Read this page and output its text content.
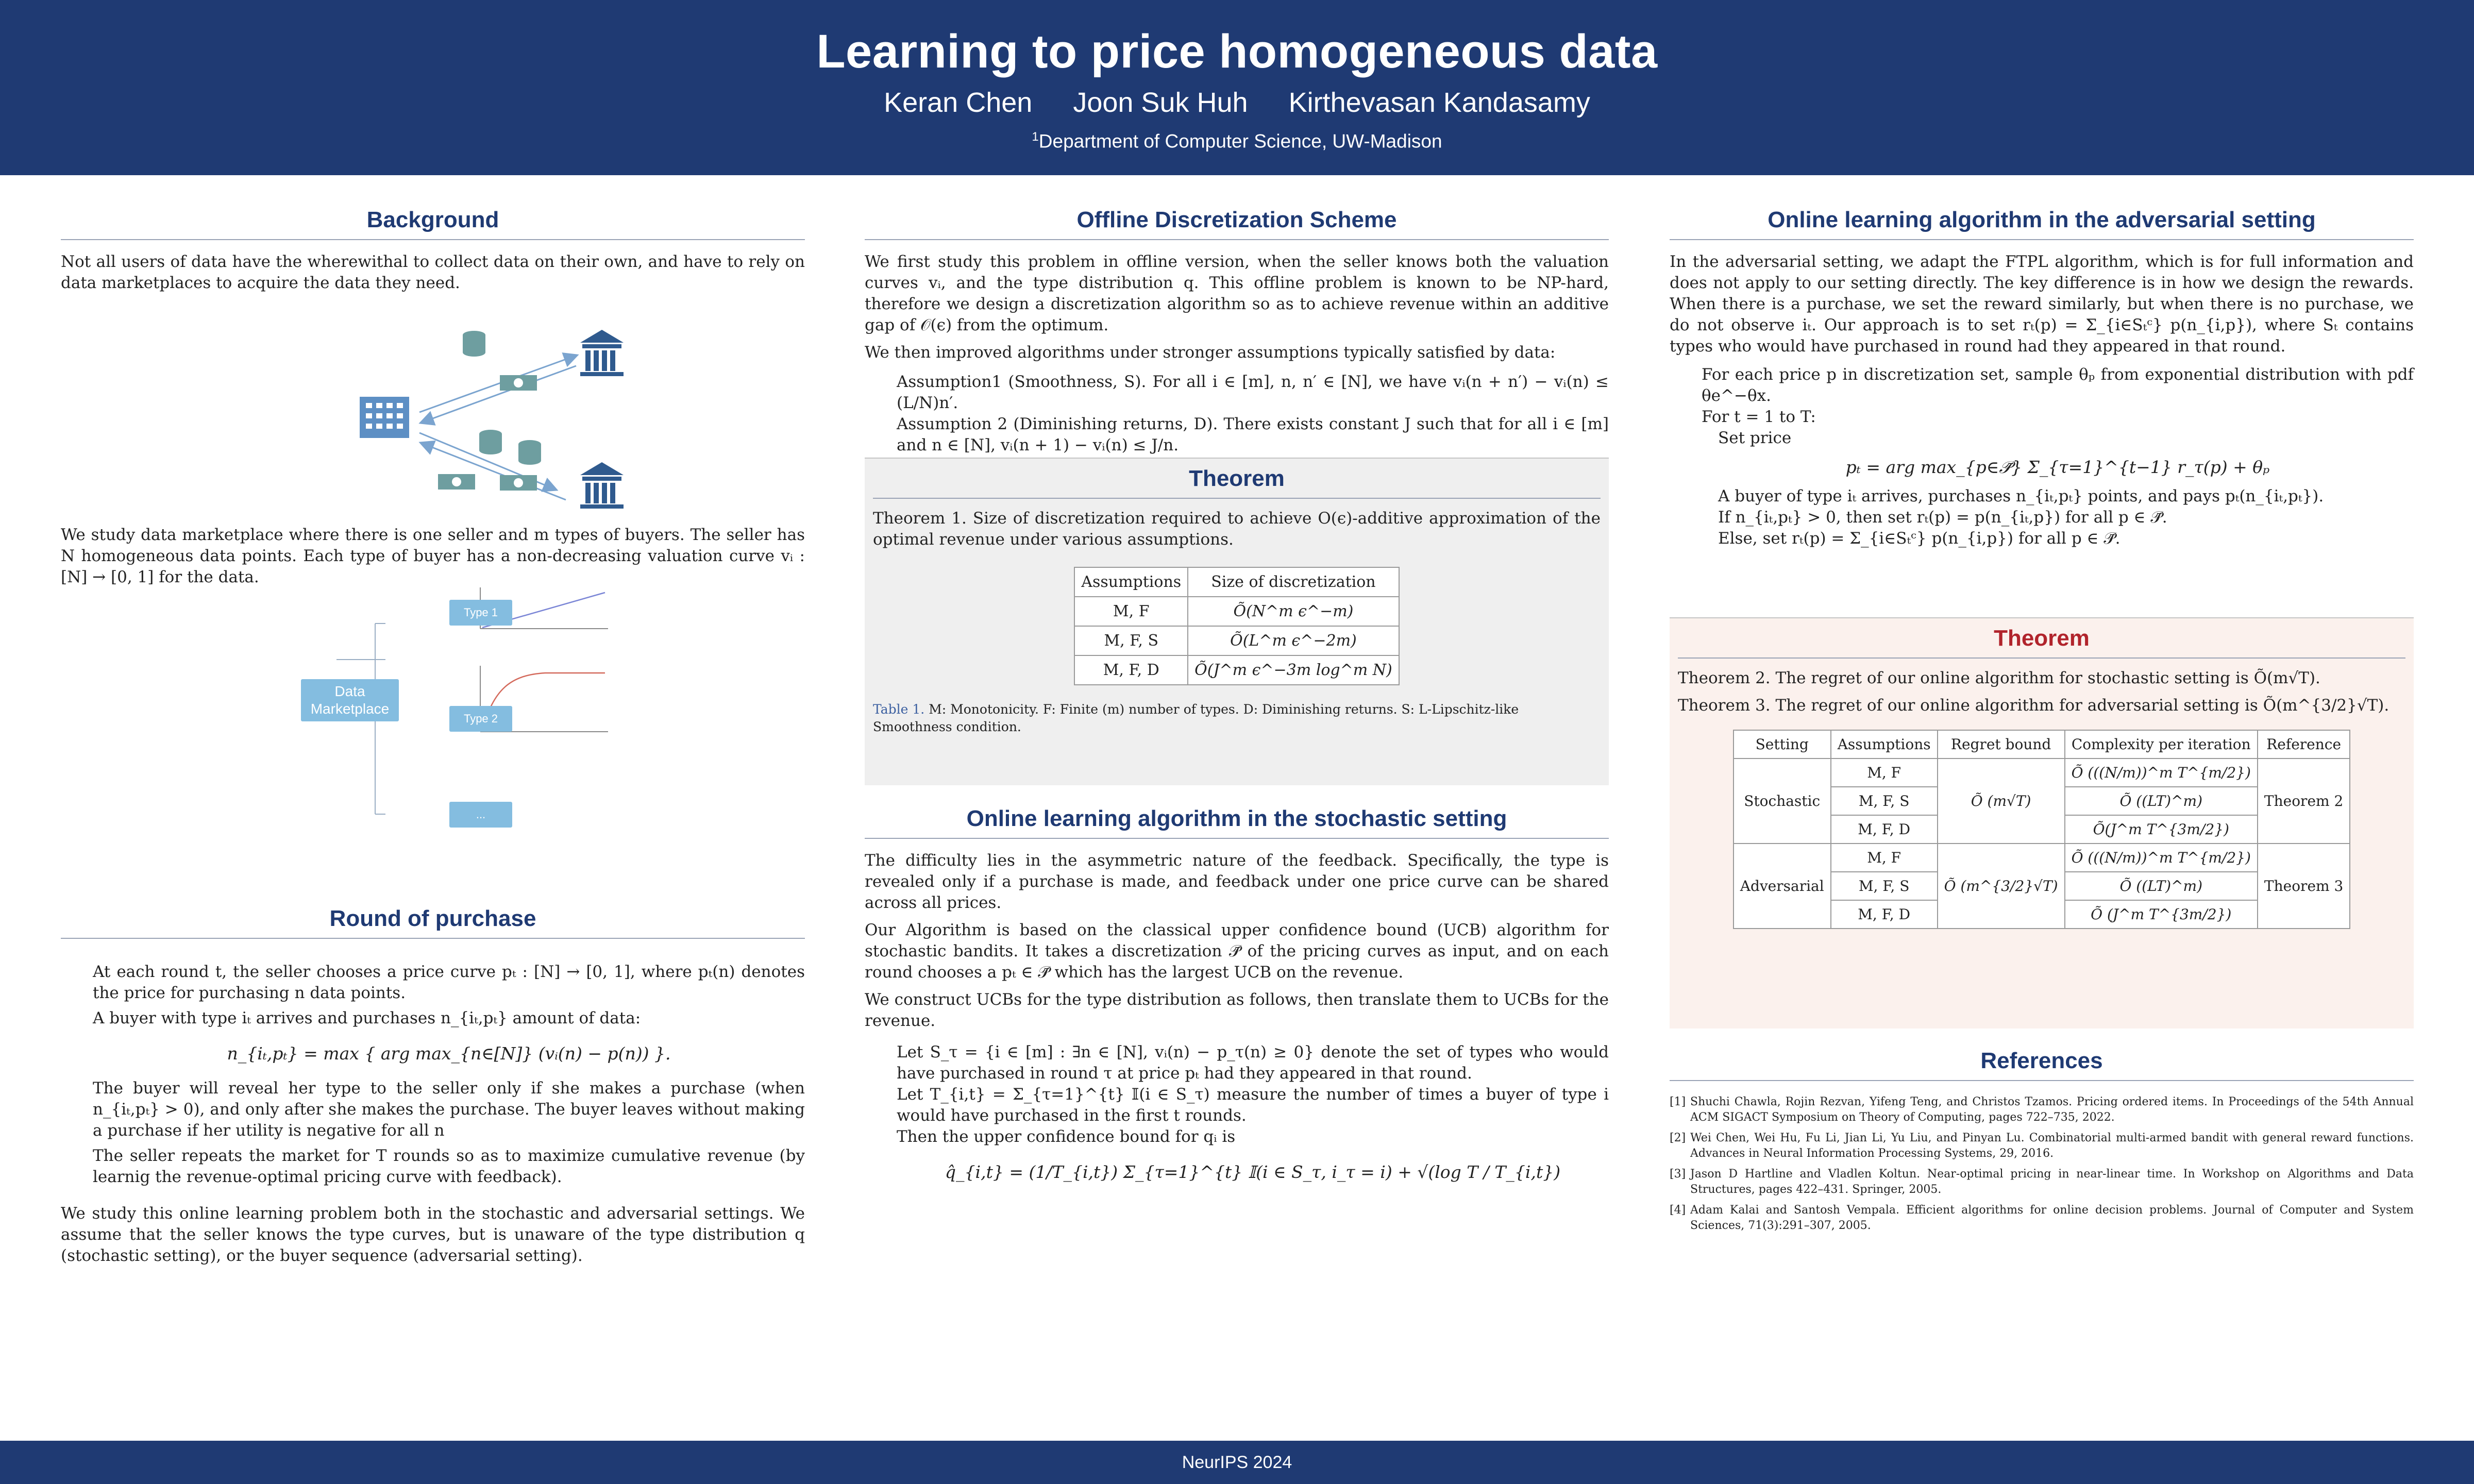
Learning to price homogeneous data
Keran Chen Joon Suk Huh Kirthevasan Kandasamy
$^1$Department of Computer Science, UW-Madison
Background

Not all users of data have the wherewithal to collect data on their own, and have to rely on data marketplaces to acquire the data they need.

We study data marketplace where there is one seller and m types of buyers. The seller has N homogeneous data points. Each type of buyer has a non-decreasing valuation curve vᵢ : [N] → [0, 1] for the data.

Data Marketplace
Type 1
Type 2
...
Round of purchase

At each round t, the seller chooses a price curve pₜ : [N] → [0, 1], where pₜ(n) denotes the price for purchasing n data points.

A buyer with type iₜ arrives and purchases n_{iₜ,pₜ} amount of data:

n_{iₜ,pₜ} = max { arg max_{n∈[N]} (vᵢ(n) − p(n)) }.

The buyer will reveal her type to the seller only if she makes a purchase (when n_{iₜ,pₜ} > 0), and only after she makes the purchase. The buyer leaves without making a purchase if her utility is negative for all n

The seller repeats the market for T rounds so as to maximize cumulative revenue (by learnig the revenue-optimal pricing curve with feedback).

We study this online learning problem both in the stochastic and adversarial settings. We assume that the seller knows the type curves, but is unaware of the type distribution q (stochastic setting), or the buyer sequence (adversarial setting).

Offline Discretization Scheme

We first study this problem in offline version, when the seller knows both the valuation curves vᵢ, and the type distribution q. This offline problem is known to be NP-hard, therefore we design a discretization algorithm so as to achieve revenue within an additive gap of 𝒪(ϵ) from the optimum.

We then improved algorithms under stronger assumptions typically satisfied by data:

Assumption1 (Smoothness, S). For all i ∈ [m], n, n′ ∈ [N], we have vᵢ(n + n′) − vᵢ(n) ≤ (L/N)n′.

Assumption 2 (Diminishing returns, D). There exists constant J such that for all i ∈ [m] and n ∈ [N], vᵢ(n + 1) − vᵢ(n) ≤ J/n.

Theorem

Theorem 1. Size of discretization required to achieve O(ϵ)-additive approximation of the optimal revenue under various assumptions.

Assumptions	Size of discretization
M, F	Õ(N^m ϵ^−m)
M, F, S	Õ(L^m ϵ^−2m)
M, F, D	Õ(J^m ϵ^−3m log^m N)

Table 1. M: Monotonicity. F: Finite (m) number of types. D: Diminishing returns. S: L-Lipschitz-like Smoothness condition.

Online learning algorithm in the stochastic setting

The difficulty lies in the asymmetric nature of the feedback. Specifically, the type is revealed only if a purchase is made, and feedback under one price curve can be shared across all prices.

Our Algorithm is based on the classical upper confidence bound (UCB) algorithm for stochastic bandits. It takes a discretization 𝒫̄ of the pricing curves as input, and on each round chooses a pₜ ∈ 𝒫̄ which has the largest UCB on the revenue.

We construct UCBs for the type distribution as follows, then translate them to UCBs for the revenue.

Let S_τ = {i ∈ [m] : ∃n ∈ [N], vᵢ(n) − p_τ(n) ≥ 0} denote the set of types who would have purchased in round τ at price pₜ had they appeared in that round.

Let T_{i,t} = Σ_{τ=1}^{t} 𝕀(i ∈ S_τ) measure the number of times a buyer of type i would have purchased in the first t rounds.

Then the upper confidence bound for qᵢ is

q̂_{i,t} = (1/T_{i,t}) Σ_{τ=1}^{t} 𝕀(i ∈ S_τ, i_τ = i) + √(log T / T_{i,t})

Online learning algorithm in the adversarial setting

In the adversarial setting, we adapt the FTPL algorithm, which is for full information and does not apply to our setting directly. The key difference is in how we design the rewards. When there is a purchase, we set the reward similarly, but when there is no purchase, we do not observe iₜ. Our approach is to set rₜ(p) = Σ_{i∈Sₜᶜ} p(n_{i,p}), where Sₜ contains types who would have purchased in round had they appeared in that round.

For each price p in discretization set, sample θₚ from exponential distribution with pdf θe^−θx.

For t = 1 to T:

Set price

pₜ = arg max_{p∈𝒫̄} Σ_{τ=1}^{t−1} r_τ(p) + θₚ

A buyer of type iₜ arrives, purchases n_{iₜ,pₜ} points, and pays pₜ(n_{iₜ,pₜ}).

If n_{iₜ,pₜ} > 0, then set rₜ(p) = p(n_{iₜ,p}) for all p ∈ 𝒫̄.

Else, set rₜ(p) = Σ_{i∈Sₜᶜ} p(n_{i,p}) for all p ∈ 𝒫̄.

Theorem

Theorem 2. The regret of our online algorithm for stochastic setting is Õ(m√T).

Theorem 3. The regret of our online algorithm for adversarial setting is Õ(m^{3/2}√T).

Setting	Assumptions	Regret bound	Complexity per iteration	Reference
Stochastic	M, F	Õ (m√T)	Õ (((N/m))^m T^{m/2})	Theorem 2
	M, F, S		Õ ((LT)^m)	
	M, F, D		Õ(J^m T^{3m/2})	
Adversarial	M, F	Õ (m^{3/2}√T)	Õ (((N/m))^m T^{m/2})	Theorem 3
	M, F, S		Õ ((LT)^m)	
	M, F, D		Õ (J^m T^{3m/2})	
References
[1] Shuchi Chawla, Rojin Rezvan, Yifeng Teng, and Christos Tzamos. Pricing ordered items. In Proceedings of the 54th Annual ACM SIGACT Symposium on Theory of Computing, pages 722–735, 2022.
[2] Wei Chen, Wei Hu, Fu Li, Jian Li, Yu Liu, and Pinyan Lu. Combinatorial multi-armed bandit with general reward functions. Advances in Neural Information Processing Systems, 29, 2016.
[3] Jason D Hartline and Vladlen Koltun. Near-optimal pricing in near-linear time. In Workshop on Algorithms and Data Structures, pages 422–431. Springer, 2005.
[4] Adam Kalai and Santosh Vempala. Efficient algorithms for online decision problems. Journal of Computer and System Sciences, 71(3):291–307, 2005.
NeurIPS 2024
